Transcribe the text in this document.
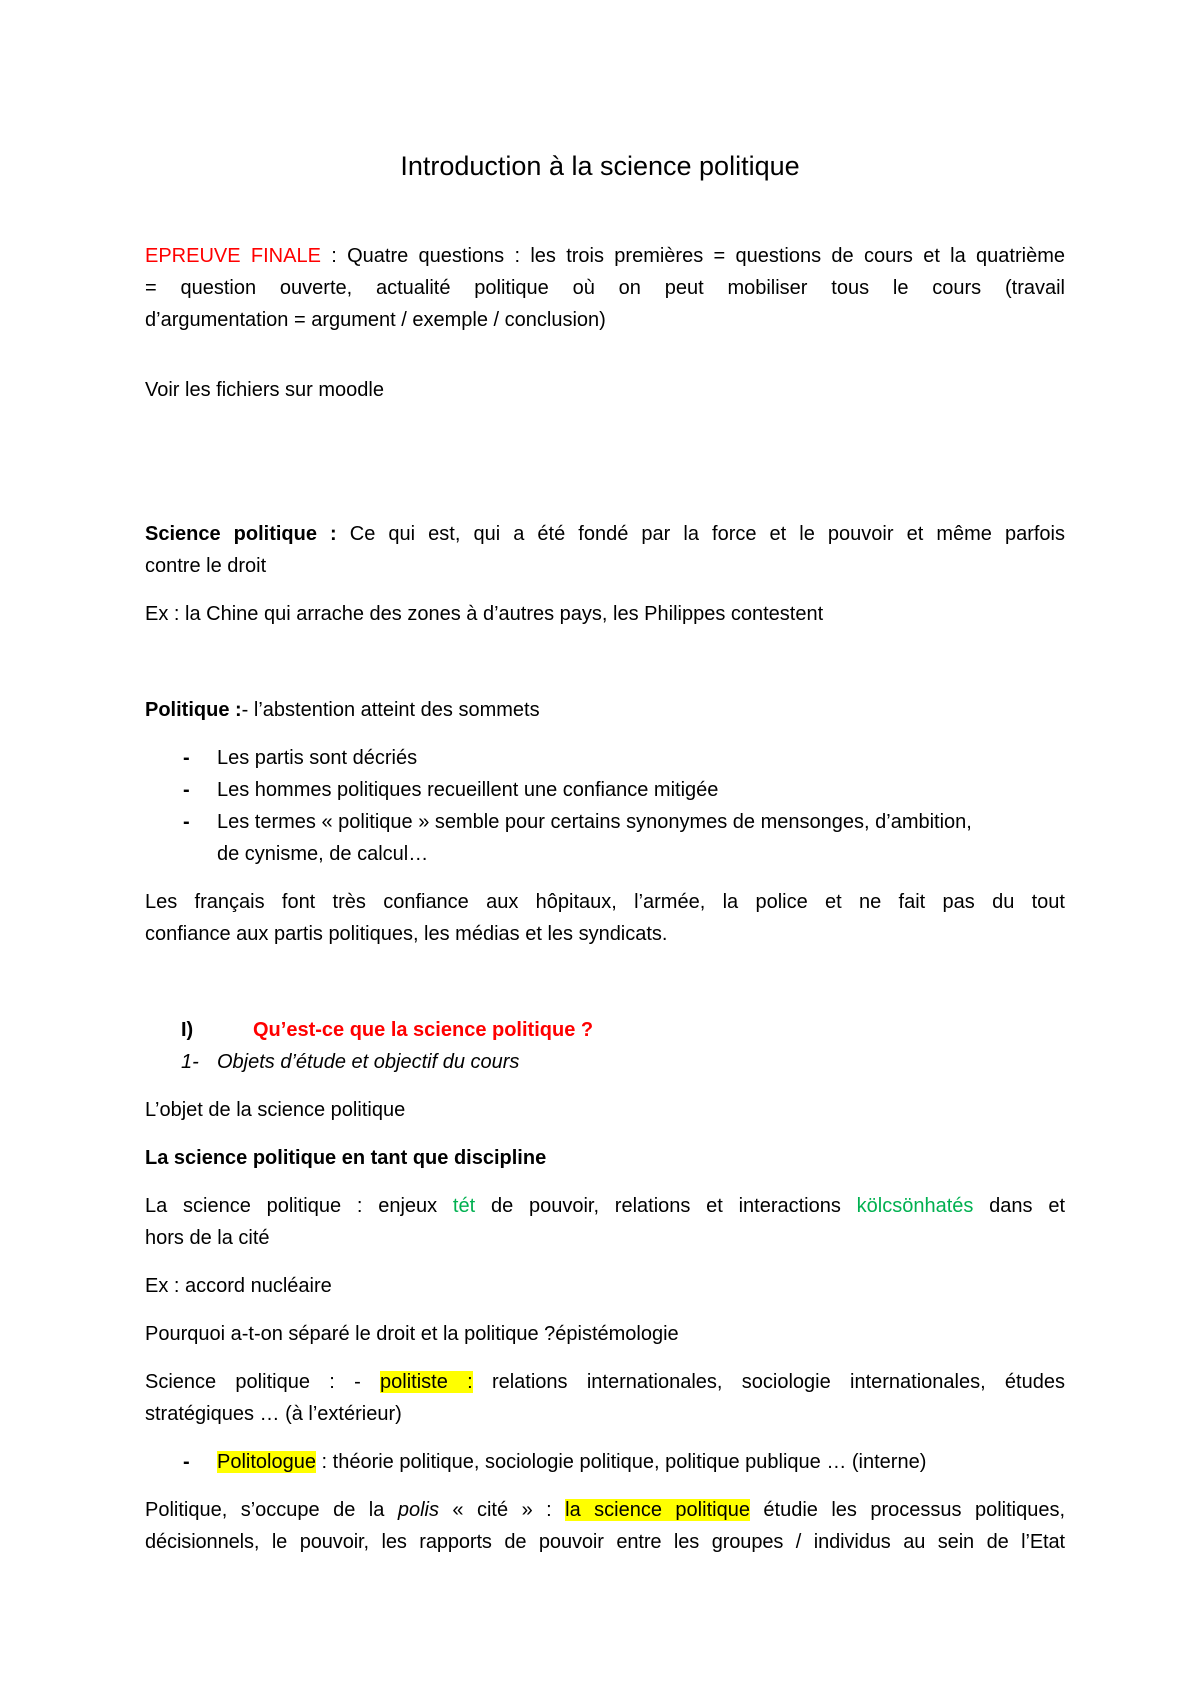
Introduction à la science politique

EPREUVE FINALE : Quatre questions : les trois premières = questions de cours et la quatrième

= question ouverte, actualité politique où on peut mobiliser tous le cours (travail

d’argumentation = argument / exemple / conclusion)

Voir les fichiers sur moodle

Science politique : Ce qui est, qui a été fondé par la force et le pouvoir et même parfois

contre le droit

Ex : la Chine qui arrache des zones à d’autres pays, les Philippes contestent

Politique :- l’abstention atteint des sommets

- Les partis sont décriés
- Les hommes politiques recueillent une confiance mitigée
- Les termes « politique » semble pour certains synonymes de mensonges, d’ambition,
de cynisme, de calcul…

Les français font très confiance aux hôpitaux, l’armée, la police et ne fait pas du tout

confiance aux partis politiques, les médias et les syndicats.

I)	Qu’est-ce que la science politique ?
1- Objets d’étude et objectif du cours

L’objet de la science politique

La science politique en tant que discipline

La science politique : enjeux tét de pouvoir, relations et interactions kölcsönhatés dans et

hors de la cité

Ex : accord nucléaire

Pourquoi a-t-on séparé le droit et la politique ?épistémologie

Science politique : - politiste : relations internationales, sociologie internationales, études

stratégiques … (à l’extérieur)

- Politologue : théorie politique, sociologie politique, politique publique … (interne)

Politique, s’occupe de la polis « cité » : la science politique étudie les processus politiques,

décisionnels, le pouvoir, les rapports de pouvoir entre les groupes / individus au sein de l’Etat
